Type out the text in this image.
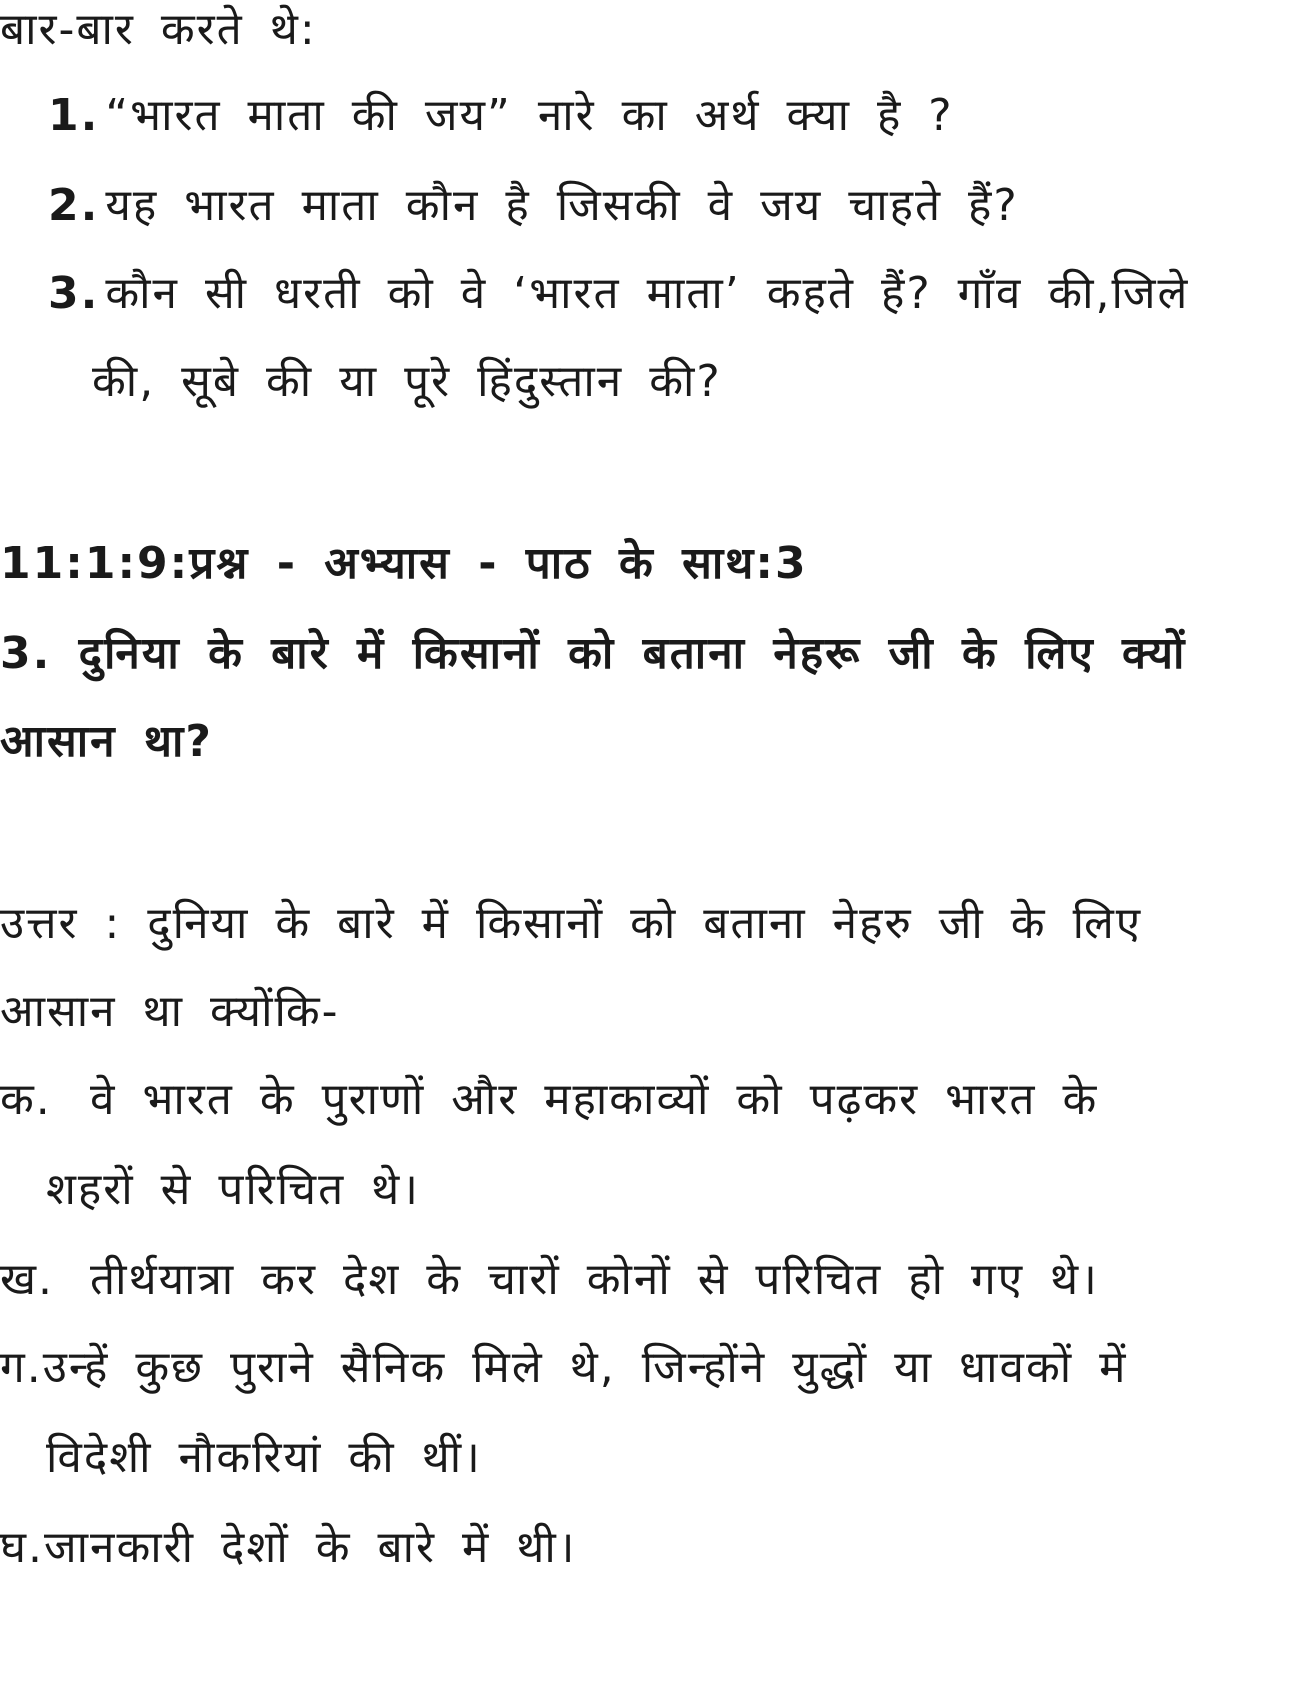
बार-बार करते थे:
1. “भारत माता की जय” नारे का अर्थ क्या है ?
2. यह भारत माता कौन है जिसकी वे जय चाहते हैं?
3. कौन सी धरती को वे ‘भारत माता’ कहते हैं? गाँव की,जिले
की, सूबे की या पूरे हिंदुस्तान की?
11:1:9:प्रश्न - अभ्यास - पाठ के साथ:3
3. दुनिया के बारे में किसानों को बताना नेहरू जी के लिए क्यों
आसान था?
उत्तर : दुनिया के बारे में किसानों को बताना नेहरु जी के लिए
आसान था क्योंकि-
क. वे भारत के पुराणों और महाकाव्यों को पढ़कर भारत के
शहरों से परिचित थे।
ख. तीर्थयात्रा कर देश के चारों कोनों से परिचित हो गए थे।
ग.उन्हें कुछ पुराने सैनिक मिले थे, जिन्होंने युद्धों या धावकों में
विदेशी नौकरियां की थीं।
घ.जानकारी देशों के बारे में थी।
